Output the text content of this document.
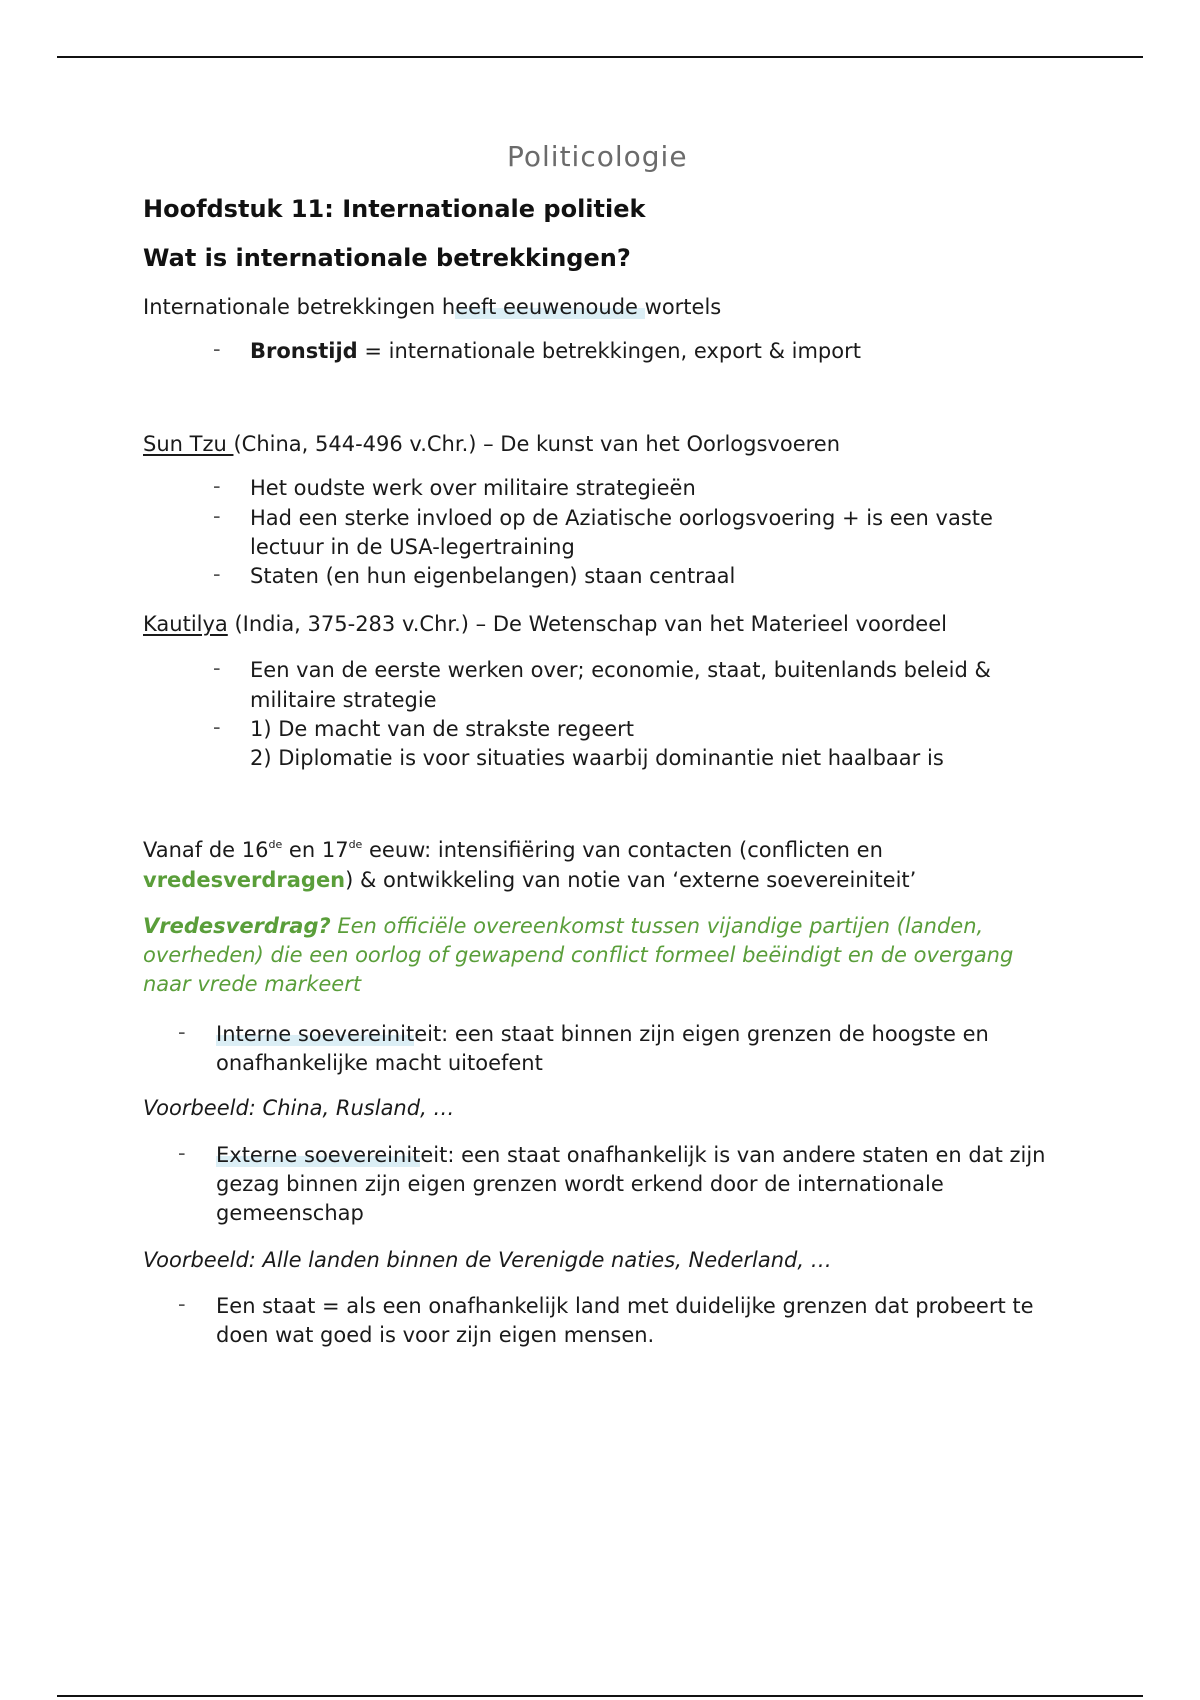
Politicologie
Hoofdstuk 11: Internationale politiek
Wat is internationale betrekkingen?
Internationale betrekkingen heeft eeuwenoude wortels
- Bronstijd = internationale betrekkingen, export & import
Sun Tzu (China, 544-496 v.Chr.) – De kunst van het Oorlogsvoeren
- Het oudste werk over militaire strategieën
- Had een sterke invloed op de Aziatische oorlogsvoering + is een vaste
lectuur in de USA-legertraining
- Staten (en hun eigenbelangen) staan centraal
Kautilya (India, 375-283 v.Chr.) – De Wetenschap van het Materieel voordeel
- Een van de eerste werken over; economie, staat, buitenlands beleid &
militaire strategie
- 1) De macht van de strakste regeert
2) Diplomatie is voor situaties waarbij dominantie niet haalbaar is
Vanaf de 16de en 17de eeuw: intensifiëring van contacten (conflicten en
vredesverdragen) & ontwikkeling van notie van ‘externe soevereiniteit’
Vredesverdrag? Een officiële overeenkomst tussen vijandige partijen (landen, overheden) die een oorlog of gewapend conflict formeel beëindigt en de overgang naar vrede markeert
- Interne soevereiniteit: een staat binnen zijn eigen grenzen de hoogste en onafhankelijke macht uitoefent
Voorbeeld: China, Rusland, …
- Externe soevereiniteit: een staat onafhankelijk is van andere staten en dat zijn gezag binnen zijn eigen grenzen wordt erkend door de internationale gemeenschap
Voorbeeld: Alle landen binnen de Verenigde naties, Nederland, …
- Een staat = als een onafhankelijk land met duidelijke grenzen dat probeert te doen wat goed is voor zijn eigen mensen.
